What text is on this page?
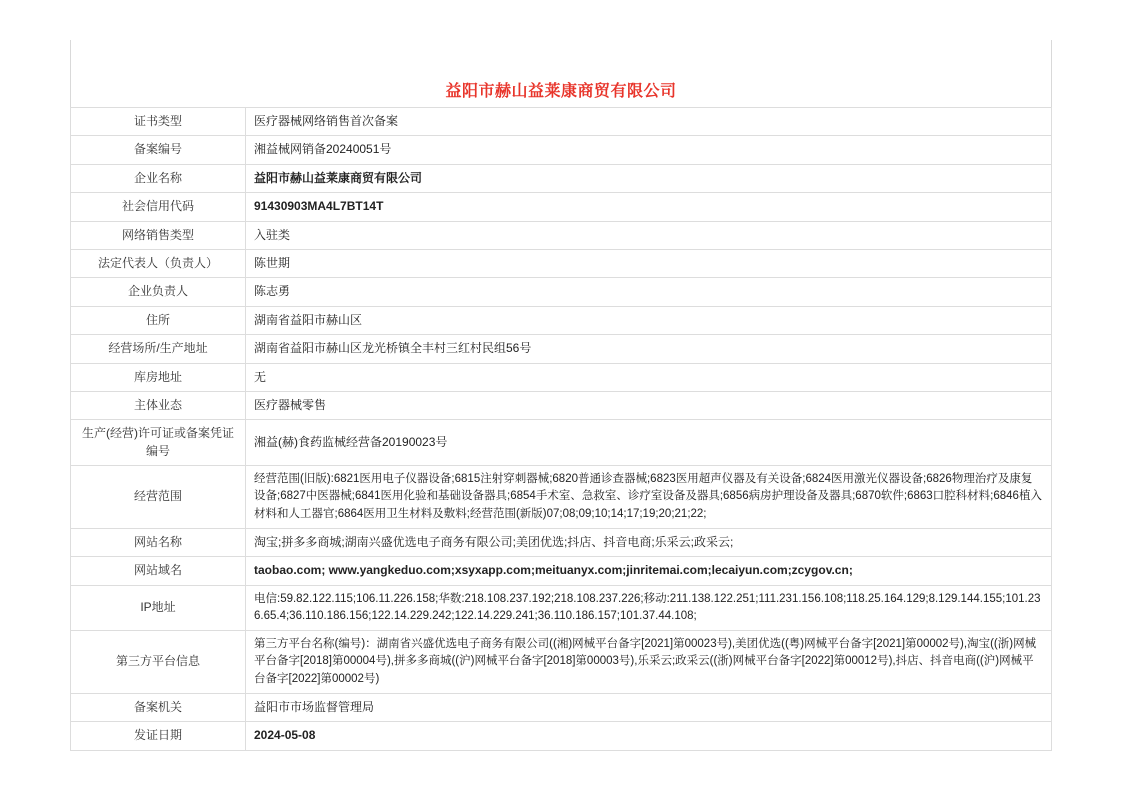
益阳市赫山益莱康商贸有限公司
证书类型	医疗器械网络销售首次备案
备案编号	湘益械网销备20240051号
企业名称	益阳市赫山益莱康商贸有限公司
社会信用代码	91430903MA4L7BT14T
网络销售类型	入驻类
法定代表人（负责人）	陈世期
企业负责人	陈志勇
住所	湖南省益阳市赫山区
经营场所/生产地址	湖南省益阳市赫山区龙光桥镇全丰村三红村民组56号
库房地址	无
主体业态	医疗器械零售
生产(经营)许可证或备案凭证编号	湘益(赫)食药监械经营备20190023号
经营范围	经营范围(旧版):6821医用电子仪器设备;6815注射穿刺器械;6820普通诊查器械;6823医用超声仪器及有关设备;6824医用激光仪器设备;6826物理治疗及康复设备;6827中医器械;6841医用化验和基础设备器具;6854手术室、急救室、诊疗室设备及器具;6856病房护理设备及器具;6870软件;6863口腔科材料;6846植入材料和人工器官;6864医用卫生材料及敷料;经营范围(新版)07;08;09;10;14;17;19;20;21;22;
网站名称	淘宝;拼多多商城;湖南兴盛优选电子商务有限公司;美团优选;抖店、抖音电商;乐采云;政采云;
网站域名	taobao.com; www.yangkeduo.com;xsyxapp.com;meituanyx.com;jinritemai.com;lecaiyun.com;zcygov.cn;
IP地址	电信:59.82.122.115;106.11.226.158;华数:218.108.237.192;218.108.237.226;移动:211.138.122.251;111.231.156.108;118.25.164.129;8.129.144.155;101.236.65.4;36.110.186.156;122.14.229.242;122.14.229.241;36.110.186.157;101.37.44.108;
第三方平台信息	第三方平台名称(编号)：湖南省兴盛优选电子商务有限公司((湘)网械平台备字[2021]第00023号),美团优选((粤)网械平台备字[2021]第00002号),淘宝((浙)网械平台备字[2018]第00004号),拼多多商城((沪)网械平台备字[2018]第00003号),乐采云;政采云((浙)网械平台备字[2022]第00012号),抖店、抖音电商((沪)网械平台备字[2022]第00002号)
备案机关	益阳市市场监督管理局
发证日期	2024-05-08
